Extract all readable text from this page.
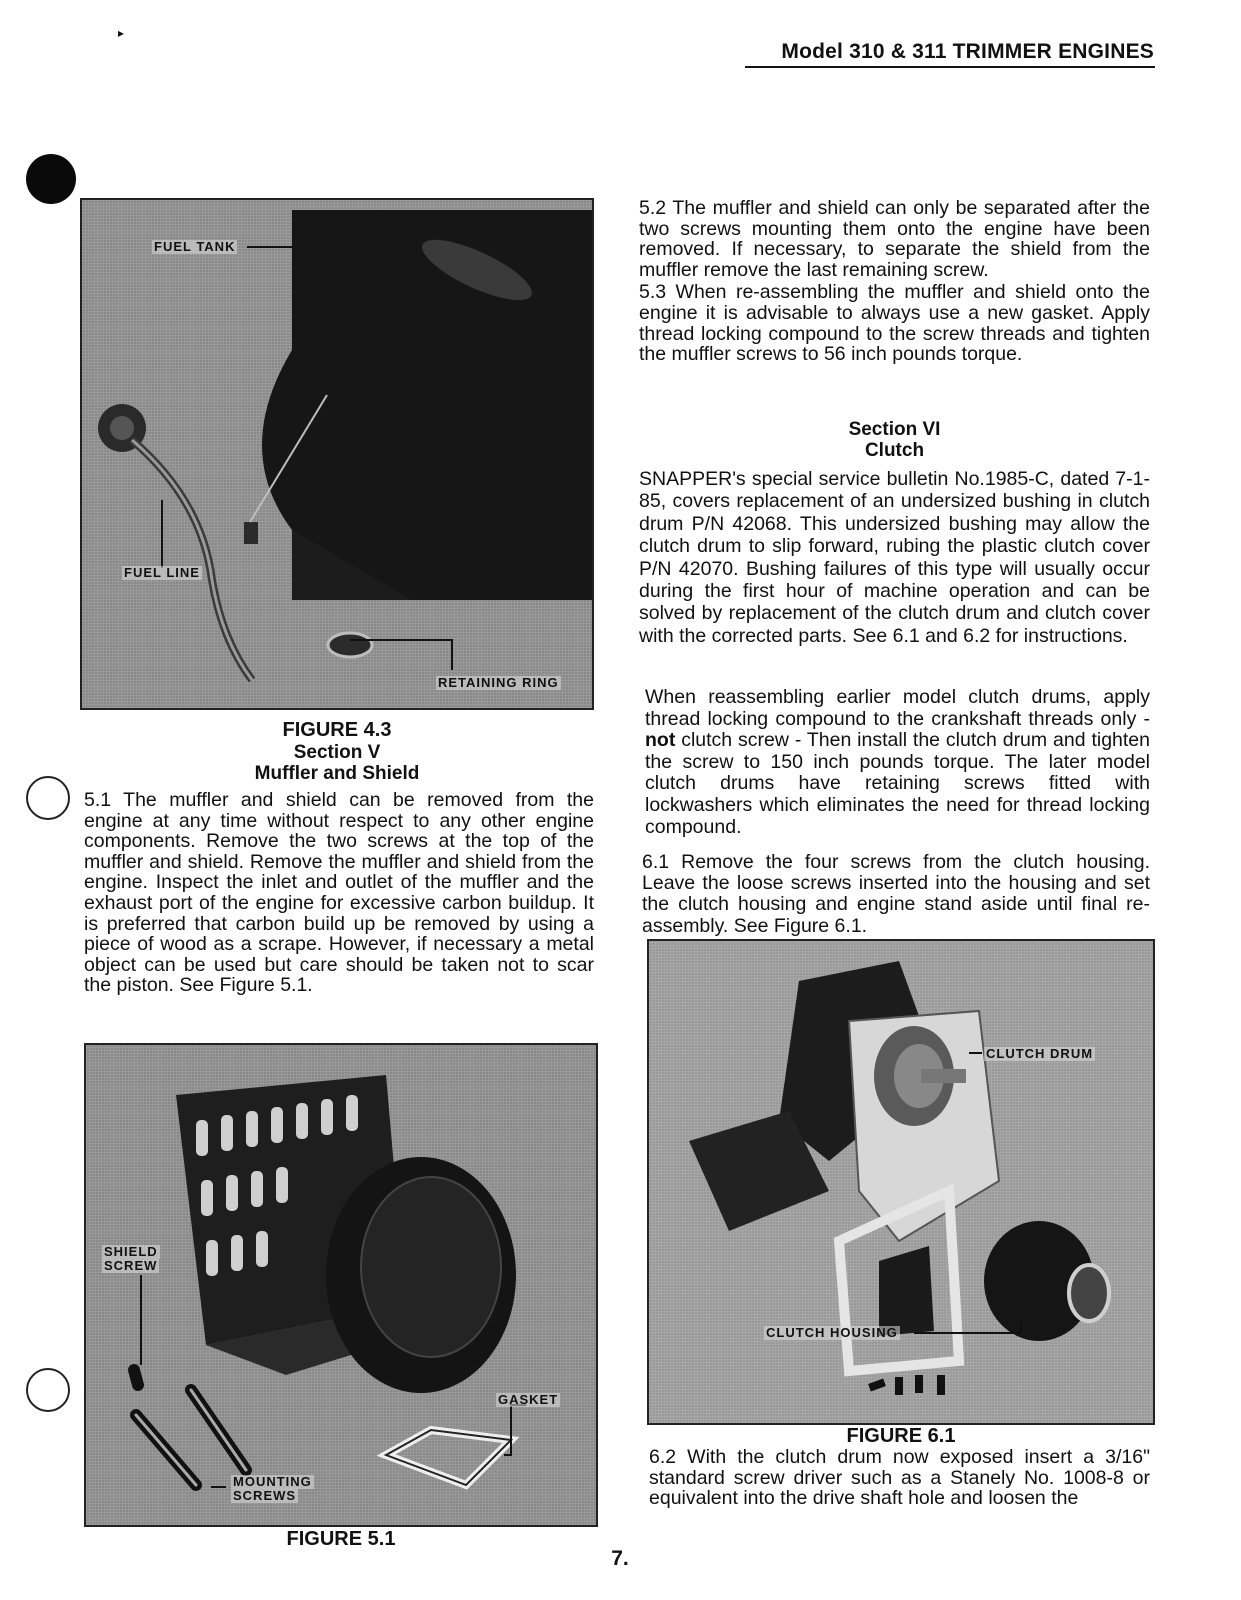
▸
Model 310 & 311 TRIMMER ENGINES
FUEL TANK
FUEL LINE
RETAINING RING
FIGURE 4.3
Section V
Muffler and Shield

5.1 The muffler and shield can be removed from the engine at any time without respect to any other engine components. Remove the two screws at the top of the muffler and shield. Remove the muffler and shield from the engine. Inspect the inlet and outlet of the muffler and the exhaust port of the engine for excessive carbon buildup. It is preferred that carbon build up be removed by using a piece of wood as a scrape. However, if necessary a metal object can be used but care should be taken not to scar the piston. See Figure 5.1.

SHIELD
SCREW
GASKET
MOUNTING
SCREWS
FIGURE 5.1

5.2 The muffler and shield can only be separated after the two screws mounting them onto the engine have been removed. If necessary, to separate the shield from the muffler remove the last remaining screw.

5.3 When re-assembling the muffler and shield onto the engine it is advisable to always use a new gasket. Apply thread locking compound to the screw threads and tighten the muffler screws to 56 inch pounds torque.

Section VI
Clutch

SNAPPER's special service bulletin No.1985-C, dated 7-1-85, covers replacement of an undersized bushing in clutch drum P/N 42068. This undersized bushing may allow the clutch drum to slip forward, rubing the plastic clutch cover P/N 42070. Bushing failures of this type will usually occur during the first hour of machine operation and can be solved by replacement of the clutch drum and clutch cover with the corrected parts. See 6.1 and 6.2 for instructions.

When reassembling earlier model clutch drums, apply thread locking compound to the crankshaft threads only - not clutch screw - Then install the clutch drum and tighten the screw to 150 inch pounds torque. The later model clutch drums have retaining screws fitted with lockwashers which eliminates the need for thread locking compound.

6.1 Remove the four screws from the clutch housing. Leave the loose screws inserted into the housing and set the clutch housing and engine stand aside until final re-assembly. See Figure 6.1.

CLUTCH DRUM
CLUTCH HOUSING
FIGURE 6.1

6.2 With the clutch drum now exposed insert a 3/16" standard screw driver such as a Stanely No. 1008-8 or equivalent into the drive shaft hole and loosen the

7.
